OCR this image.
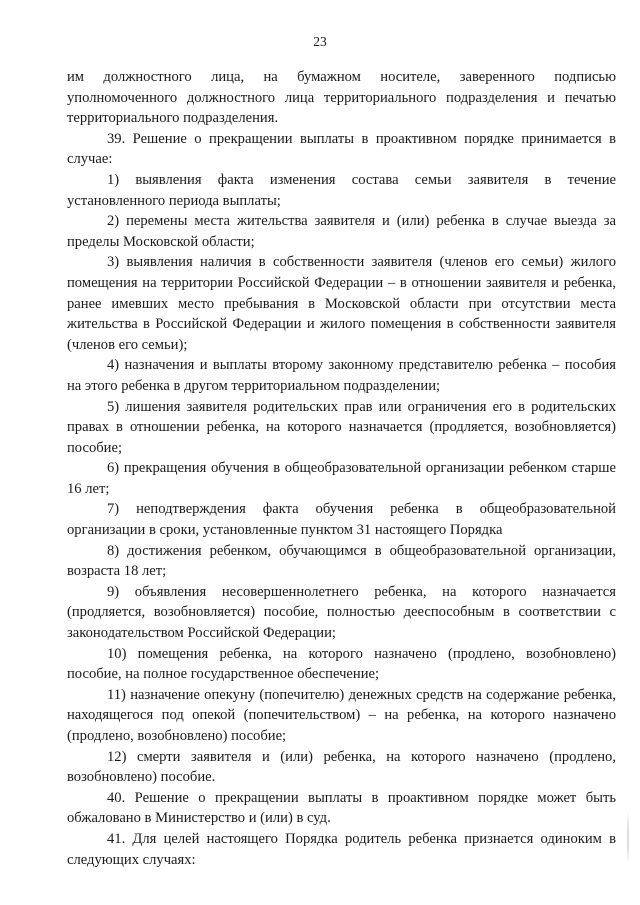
23

им должностного лица, на бумажном носителе, заверенного подписью уполномоченного должностного лица территориального подразделения и печатью территориального подразделения.

39. Решение о прекращении выплаты в проактивном порядке принимается в случае:

1) выявления факта изменения состава семьи заявителя в течение установленного периода выплаты;

2) перемены места жительства заявителя и (или) ребенка в случае выезда за пределы Московской области;

3) выявления наличия в собственности заявителя (членов его семьи) жилого помещения на территории Российской Федерации – в отношении заявителя и ребенка, ранее имевших место пребывания в Московской области при отсутствии места жительства в Российской Федерации и жилого помещения в собственности заявителя (членов его семьи);

4) назначения и выплаты второму законному представителю ребенка – пособия на этого ребенка в другом территориальном подразделении;

5) лишения заявителя родительских прав или ограничения его в родительских правах в отношении ребенка, на которого назначается (продляется, возобновляется) пособие;

6) прекращения обучения в общеобразовательной организации ребенком старше 16 лет;

7) неподтверждения факта обучения ребенка в общеобразовательной организации в сроки, установленные пунктом 31 настоящего Порядка

8) достижения ребенком, обучающимся в общеобразовательной организации, возраста 18 лет;

9) объявления несовершеннолетнего ребенка, на которого назначается (продляется, возобновляется) пособие, полностью дееспособным в соответствии с законодательством Российской Федерации;

10) помещения ребенка, на которого назначено (продлено, возобновлено) пособие, на полное государственное обеспечение;

11) назначение опекуну (попечителю) денежных средств на содержание ребенка, находящегося под опекой (попечительством) – на ребенка, на которого назначено (продлено, возобновлено) пособие;

12) смерти заявителя и (или) ребенка, на которого назначено (продлено, возобновлено) пособие.

40. Решение о прекращении выплаты в проактивном порядке может быть обжаловано в Министерство и (или) в суд.

41. Для целей настоящего Порядка родитель ребенка признается одиноким в следующих случаях:
